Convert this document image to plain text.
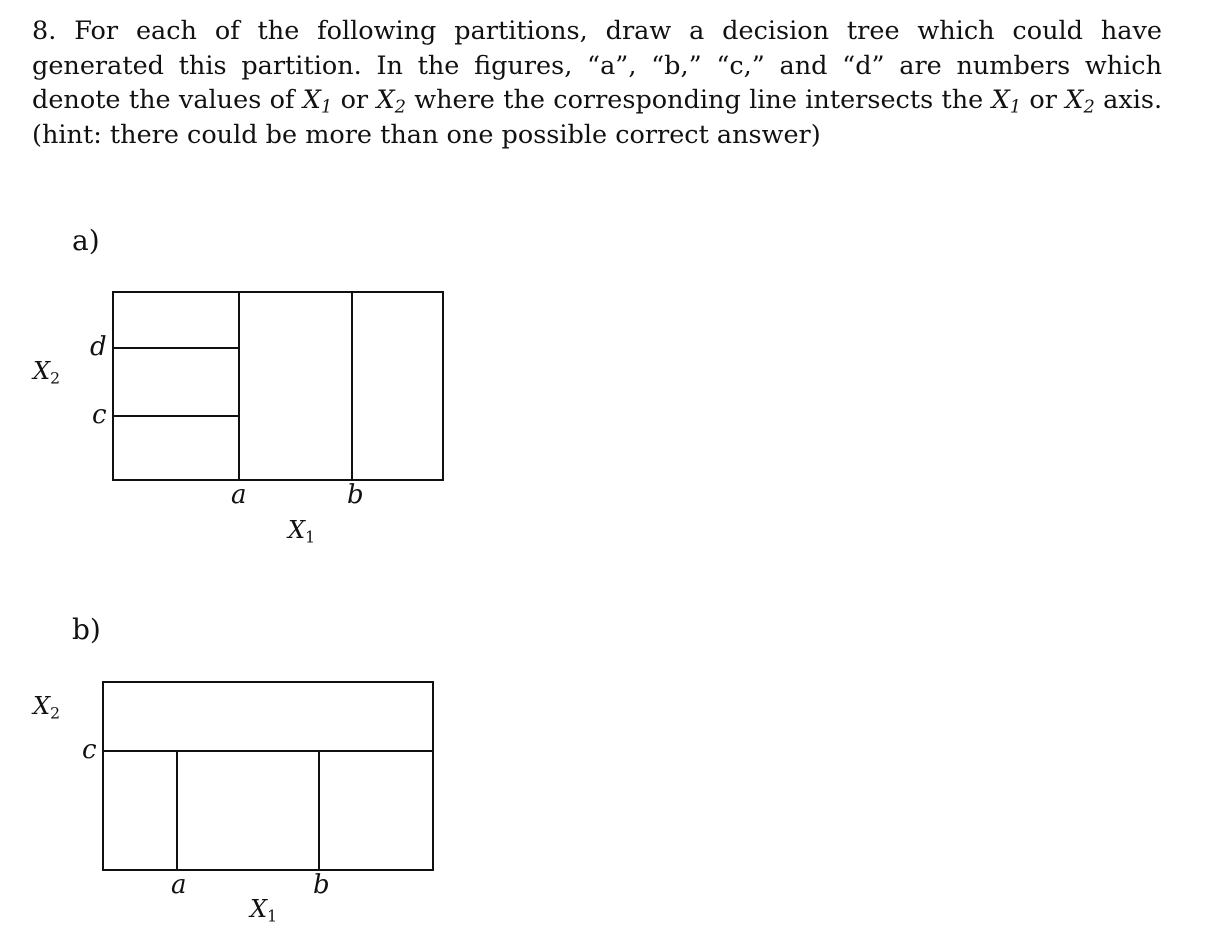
8. For each of the following partitions, draw a decision tree which could have generated this partition. In the figures, “a”, “b,” “c,” and “d” are numbers which denote the values of $X_1$ or $X_2$ where the corresponding line intersects the $X_1$ or $X_2$ axis. (hint: there could be more than one possible correct answer)

a)
$X_2$
d
c
a	b
$X_1$
b)
$X_2$
c
a	b
$X_1$
